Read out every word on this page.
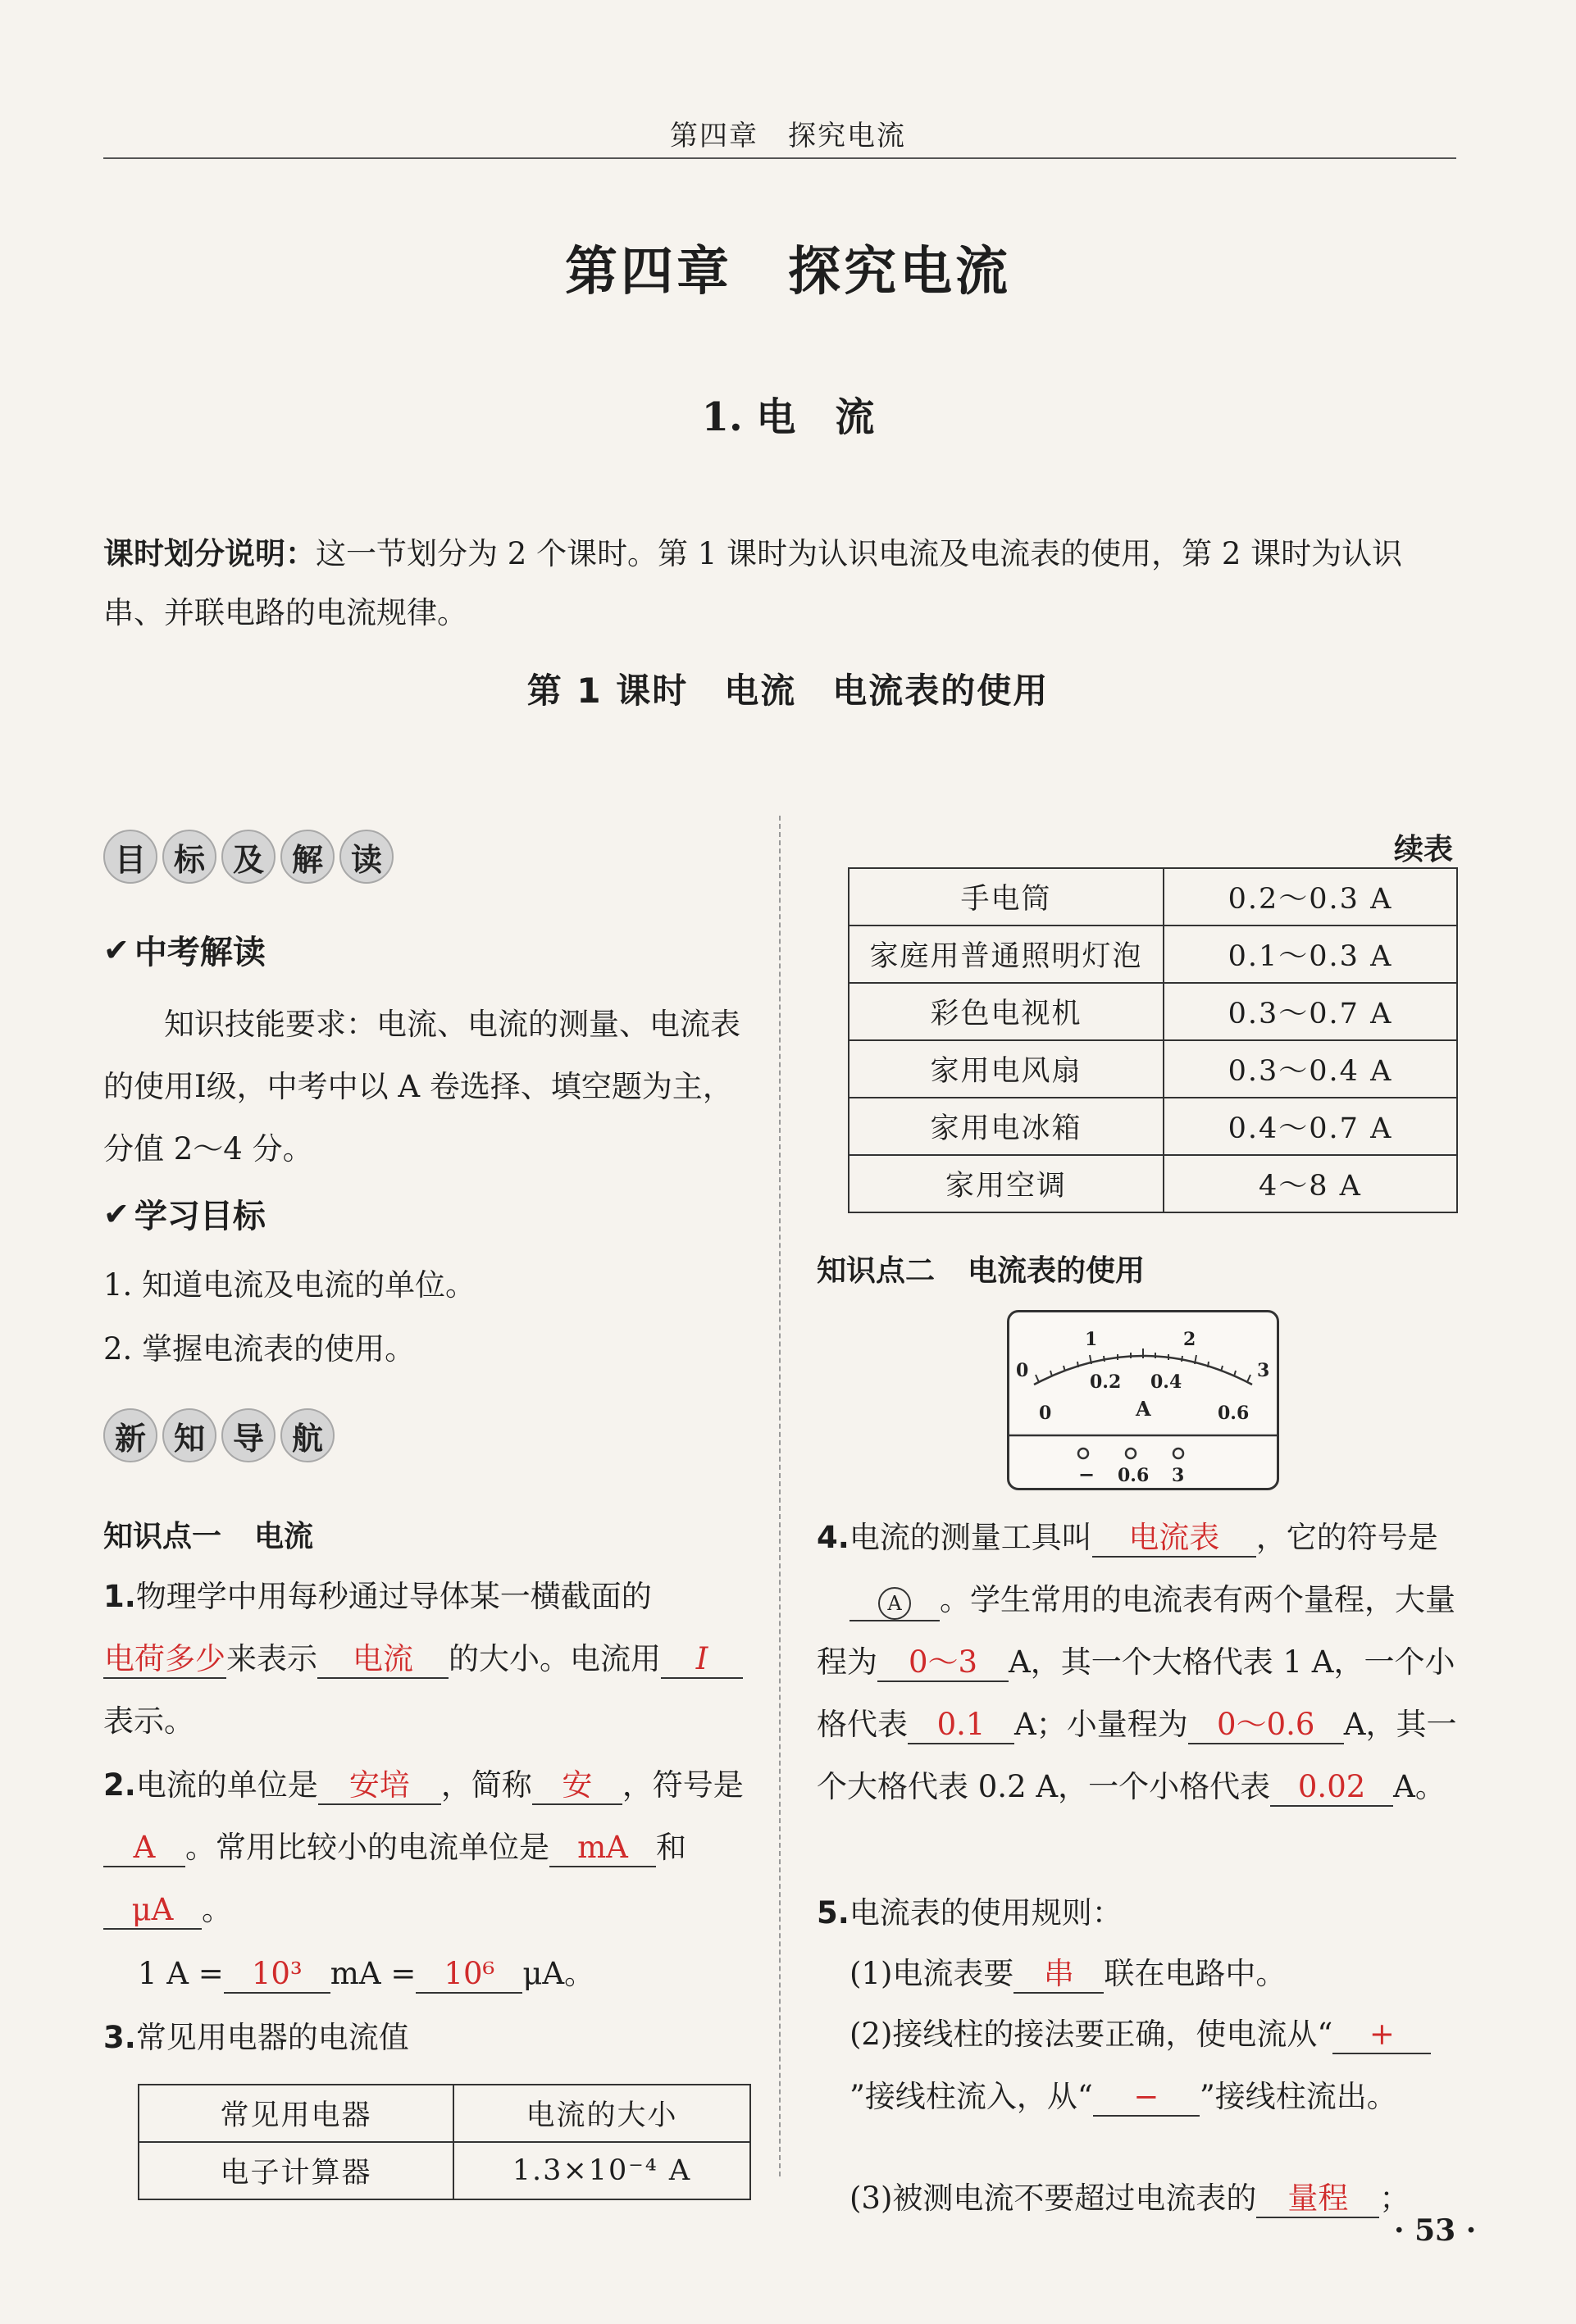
第四章　探究电流
第四章　探究电流
1. 电　流
课时划分说明：这一节划分为 2 个课时。第 1 课时为认识电流及电流表的使用，第 2 课时为认识串、并联电路的电流规律。
第 1 课时　电流　电流表的使用
目 标 及 解 读
✔ 中考解读
知识技能要求：电流、电流的测量、电流表的使用Ⅰ级，中考中以 A 卷选择、填空题为主，分值 2～4 分。
✔ 学习目标
1. 知道电流及电流的单位。
2. 掌握电流表的使用。
新 知 导 航
知识点一 电流
1.物理学中用每秒通过导体某一横截面的电荷多少来表示 电流 的大小。电流用 I表示。
2.电流的单位是 安培 ，简称 安 ，符号是A 。常用比较小的电流单位是 mA 和μA 。
1 A = 10³ mA = 10⁶ μA。
3.常见用电器的电流值
常见用电器	电流的大小
电子计算器	1.3×10⁻⁴ A
续表
手电筒	0.2～0.3 A
家庭用普通照明灯泡	0.1～0.3 A
彩色电视机	0.3～0.7 A
家用电风扇	0.3～0.4 A
家用电冰箱	0.4～0.7 A
家用空调	4～8 A
知识点二 电流表的使用
0
1	2
3
0
0.2 0.4
0.6
A
− 0.6 3
4.电流的测量工具叫 电流表 ，它的符号是A 。学生常用的电流表有两个量程，大量程为 0～3 A，其一个大格代表 1 A，一个小格代表 0.1 A；小量程为 0～0.6 A，其一个大格代表 0.2 A，一个小格代表 0.02 A。
5.电流表的使用规则：
(1)电流表要 串 联在电路中。
(2)接线柱的接法要正确，使电流从“ +”接线柱流入，从“ − ”接线柱流出。
(3)被测电流不要超过电流表的 量程 ；
· 53 ·
